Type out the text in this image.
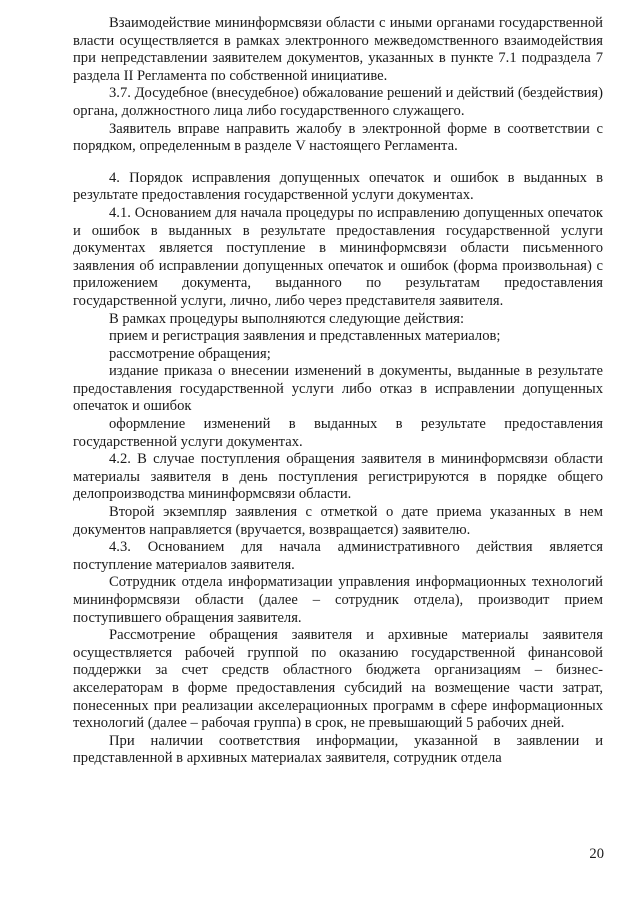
Взаимодействие мининформсвязи области с иными органами государственной власти осуществляется в рамках электронного межведомственного взаимодействия при непредставлении заявителем документов, указанных в пункте 7.1 подраздела 7 раздела II Регламента по собственной инициативе.

3.7. Досудебное (внесудебное) обжалование решений и действий (бездействия) органа, должностного лица либо государственного служащего.

Заявитель вправе направить жалобу в электронной форме в соответствии с порядком, определенным в разделе V настоящего Регламента.

4. Порядок исправления допущенных опечаток и ошибок в выданных в результате предоставления государственной услуги документах.

4.1. Основанием для начала процедуры по исправлению допущенных опечаток и ошибок в выданных в результате предоставления государственной услуги документах является поступление в мининформсвязи области письменного заявления об исправлении допущенных опечаток и ошибок (форма произвольная) с приложением документа, выданного по результатам предоставления государственной услуги, лично, либо через представителя заявителя.

В рамках процедуры выполняются следующие действия:

прием и регистрация заявления и представленных материалов;

рассмотрение обращения;

издание приказа о внесении изменений в документы, выданные в результате предоставления государственной услуги либо отказ в исправлении допущенных опечаток и ошибок

оформление изменений в выданных в результате предоставления государственной услуги документах.

4.2. В случае поступления обращения заявителя в мининформсвязи области материалы заявителя в день поступления регистрируются в порядке общего делопроизводства мининформсвязи области.

Второй экземпляр заявления с отметкой о дате приема указанных в нем документов направляется (вручается, возвращается) заявителю.

4.3. Основанием для начала административного действия является поступление материалов заявителя.

Сотрудник отдела информатизации управления информационных технологий мининформсвязи области (далее – сотрудник отдела), производит прием поступившего обращения заявителя.

Рассмотрение обращения заявителя и архивные материалы заявителя осуществляется рабочей группой по оказанию государственной финансовой поддержки за счет средств областного бюджета организациям – бизнес-акселераторам в форме предоставления субсидий на возмещение части затрат, понесенных при реализации акселерационных программ в сфере информационных технологий (далее – рабочая группа) в срок, не превышающий 5 рабочих дней.

При наличии соответствия информации, указанной в заявлении и представленной в архивных материалах заявителя, сотрудник отдела

20
